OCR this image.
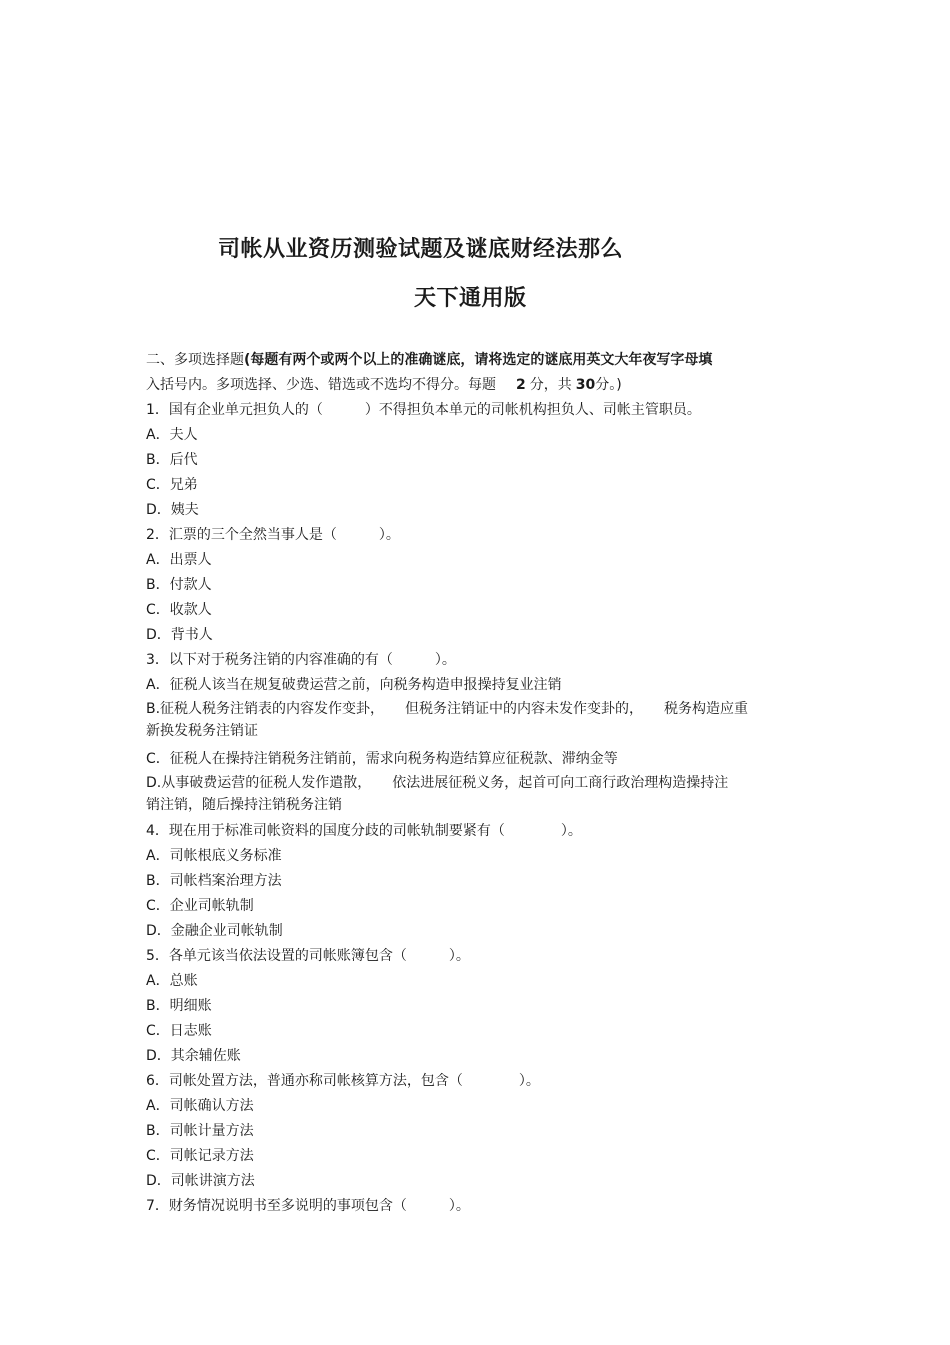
司帐从业资历测验试题及谜底财经法那么
天下通用版
二、多项选择题(每题有两个或两个以上的准确谜底，请将选定的谜底用英文大年夜写字母填
入括号内。多项选择、少选、错选或不选均不得分。每题 2 分，共 30分。)
1．国有企业单元担负人的（　　　）不得担负本单元的司帐机构担负人、司帐主管职员。
A．夫人
B．后代
C．兄弟
D．姨夫
2．汇票的三个全然当事人是（　　　）。
A．出票人
B．付款人
C．收款人
D．背书人
3．以下对于税务注销的内容准确的有（　　　）。
A．征税人该当在规复破费运营之前，向税务构造申报操持复业注销
B.征税人税务注销表的内容发作变卦，　　但税务注销证中的内容未发作变卦的，　　税务构造应重
新换发税务注销证
C．征税人在操持注销税务注销前，需求向税务构造结算应征税款、滞纳金等
D.从事破费运营的征税人发作遣散，　　依法进展征税义务，起首可向工商行政治理构造操持注
销注销，随后操持注销税务注销
4．现在用于标准司帐资料的国度分歧的司帐轨制要紧有（　　　　）。
A．司帐根底义务标准
B．司帐档案治理方法
C．企业司帐轨制
D．金融企业司帐轨制
5．各单元该当依法设置的司帐账簿包含（　　　）。
A．总账
B．明细账
C．日志账
D．其余辅佐账
6．司帐处置方法，普通亦称司帐核算方法，包含（　　　　）。
A．司帐确认方法
B．司帐计量方法
C．司帐记录方法
D．司帐讲演方法
7．财务情况说明书至多说明的事项包含（　　　）。
